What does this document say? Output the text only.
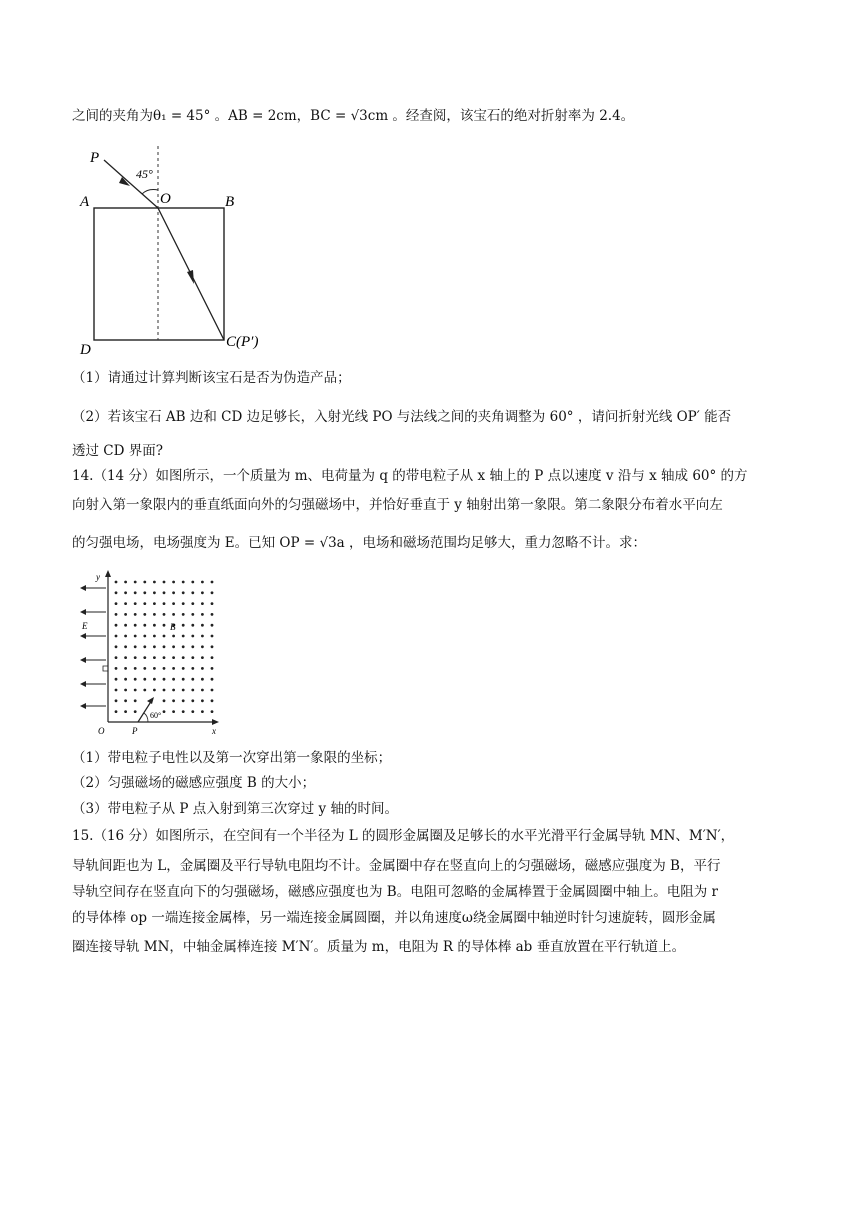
之间的夹角为θ₁ = 45° 。AB = 2cm，BC = √3cm 。经查阅，该宝石的绝对折射率为 2.4。
P
45°
A	O	B
D	C(P′)
（1）请通过计算判断该宝石是否为伪造产品；
（2）若该宝石 AB 边和 CD 边足够长，入射光线 PO 与法线之间的夹角调整为 60° ，请问折射光线 OP′ 能否
透过 CD 界面?
14.（14 分）如图所示，一个质量为 m、电荷量为 q 的带电粒子从 x 轴上的 P 点以速度 v 沿与 x 轴成 60° 的方
向射入第一象限内的垂直纸面向外的匀强磁场中，并恰好垂直于 y 轴射出第一象限。第二象限分布着水平向左
的匀强电场，电场强度为 E。已知 OP = √3a ，电场和磁场范围均足够大，重力忽略不计。求：
y
E	B
60°
O	P	x
（1）带电粒子电性以及第一次穿出第一象限的坐标；
（2）匀强磁场的磁感应强度 B 的大小；
（3）带电粒子从 P 点入射到第三次穿过 y 轴的时间。
15.（16 分）如图所示，在空间有一个半径为 L 的圆形金属圈及足够长的水平光滑平行金属导轨 MN、M′N′，
导轨间距也为 L，金属圈及平行导轨电阻均不计。金属圈中存在竖直向上的匀强磁场，磁感应强度为 B，平行
导轨空间存在竖直向下的匀强磁场，磁感应强度也为 B。电阻可忽略的金属棒置于金属圆圈中轴上。电阻为 r
的导体棒 op 一端连接金属棒，另一端连接金属圆圈，并以角速度ω绕金属圈中轴逆时针匀速旋转，圆形金属
圈连接导轨 MN，中轴金属棒连接 M′N′。质量为 m，电阻为 R 的导体棒 ab 垂直放置在平行轨道上。
